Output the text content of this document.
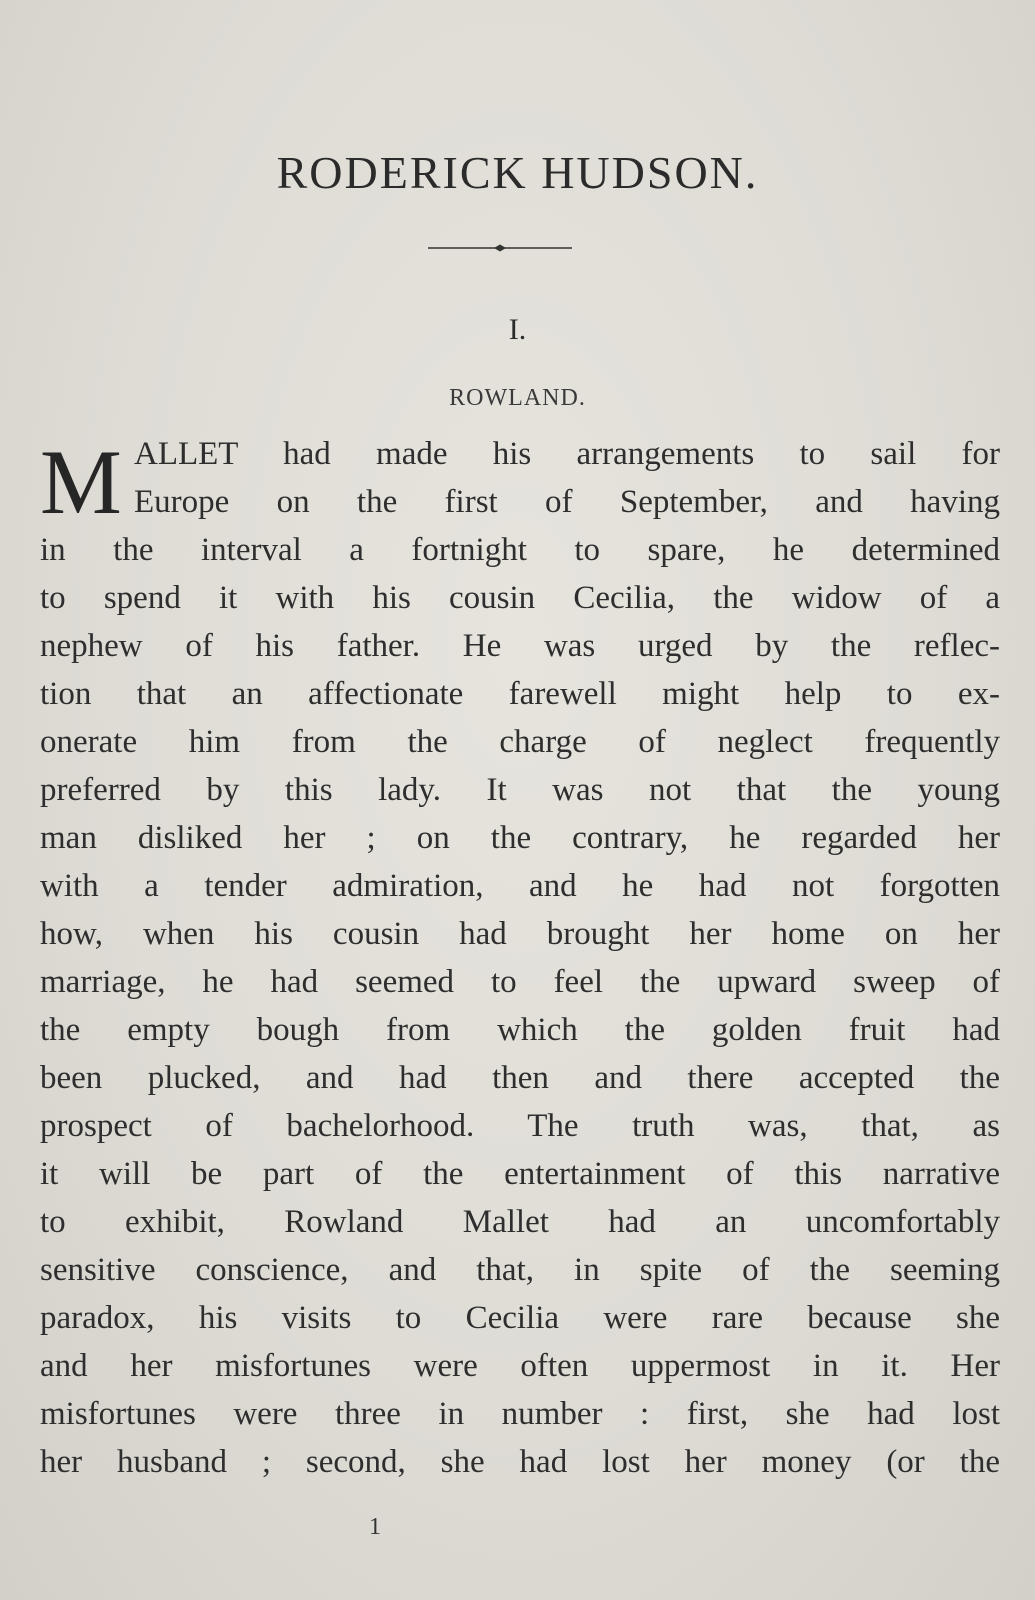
RODERICK HUDSON.
I.
ROWLAND.
M ALLET had made his arrangements to sail for
Europe on the first of September, and having
in the interval a fortnight to spare, he determined
to spend it with his cousin Cecilia, the widow of a
nephew of his father. He was urged by the reflec-
tion that an affectionate farewell might help to ex-
onerate him from the charge of neglect frequently
preferred by this lady. It was not that the young
man disliked her ; on the contrary, he regarded her
with a tender admiration, and he had not forgotten
how, when his cousin had brought her home on her
marriage, he had seemed to feel the upward sweep of
the empty bough from which the golden fruit had
been plucked, and had then and there accepted the
prospect of bachelorhood. The truth was, that, as
it will be part of the entertainment of this narrative
to exhibit, Rowland Mallet had an uncomfortably
sensitive conscience, and that, in spite of the seeming
paradox, his visits to Cecilia were rare because she
and her misfortunes were often uppermost in it. Her
misfortunes were three in number : first, she had lost
her husband ; second, she had lost her money (or the
1
